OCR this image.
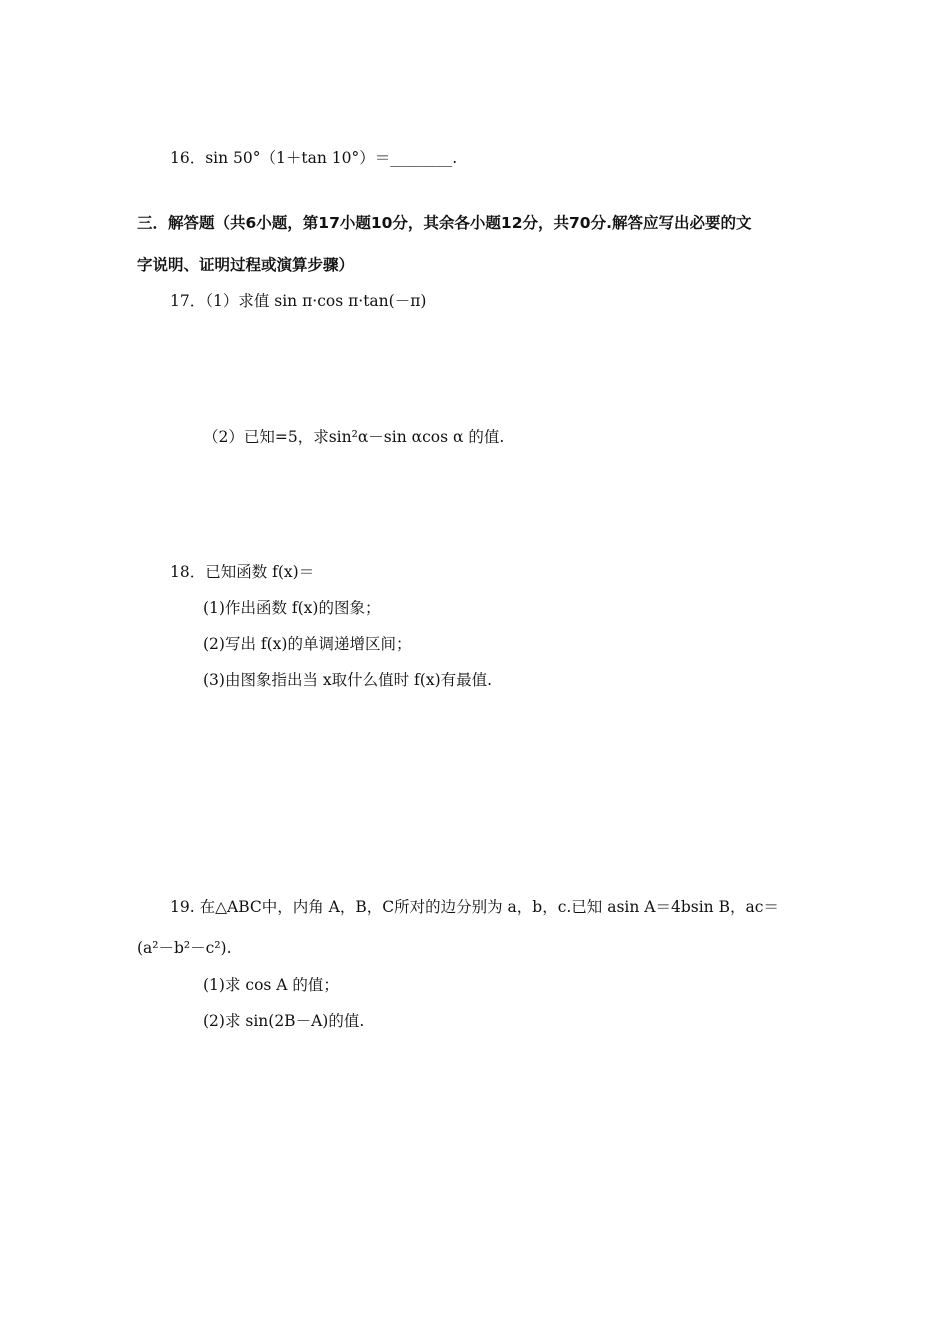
16．sin 50°（1＋tan 10°）＝________.
三．解答题（共6小题，第17小题10分，其余各小题12分，共70分.解答应写出必要的文
字说明、证明过程或演算步骤）
17．（1）求值 sin π·cos π·tan(－π)
（2）已知=5，求sin²α－sin αcos α 的值.
18．已知函数 f(x)＝
(1)作出函数 f(x)的图象；
(2)写出 f(x)的单调递增区间；
(3)由图象指出当 x取什么值时 f(x)有最值.
19. 在△ABC中，内角 A，B，C所对的边分别为 a，b，c.已知 asin A＝4bsin B，ac＝
(a²－b²－c²).
(1)求 cos A 的值；
(2)求 sin(2B－A)的值.
